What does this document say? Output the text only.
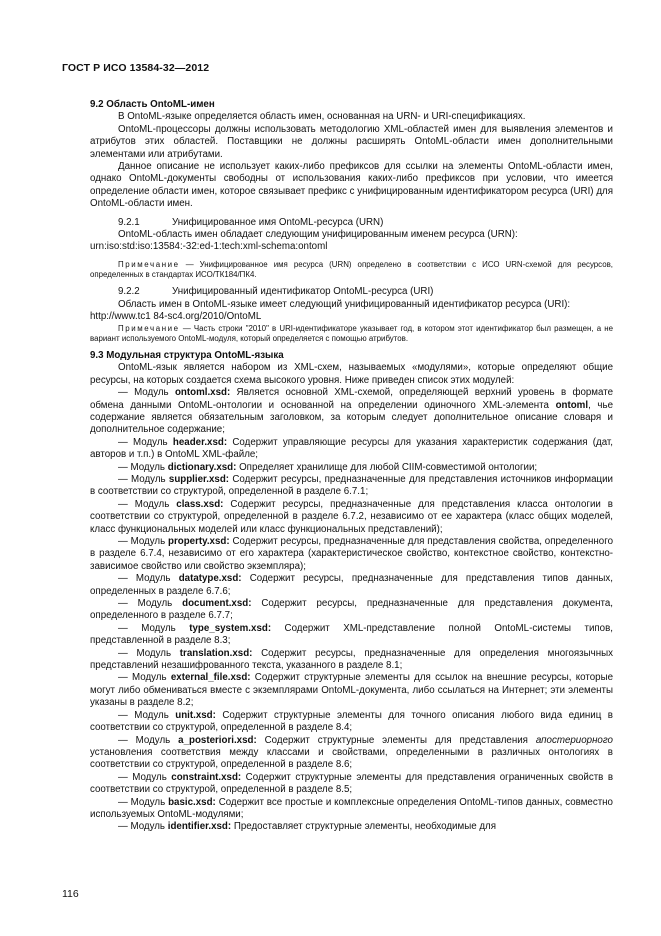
ГОСТ Р ИСО 13584-32—2012

9.2 Область OntoML-имен

В OntoML-языке определяется область имен, основанная на URN- и URI-спецификациях.

OntoML-процессоры должны использовать методологию XML-областей имен для выявления элементов и атрибутов этих областей. Поставщики не должны расширять OntoML-области имен дополнительными элементами или атрибутами.

Данное описание не использует каких-либо префиксов для ссылки на элементы OntoML-области имен, однако OntoML-документы свободны от использования каких-либо префиксов при условии, что имеется определение области имен, которое связывает префикс с унифицированным идентификатором ресурса (URI) для OntoML-области имен.

9.2.1	Унифицированное имя OntoML-ресурса (URN)

OntoML-область имен обладает следующим унифицированным именем ресурса (URN):

urn:iso:std:iso:13584:-32:ed-1:tech:xml-schema:ontoml

Примечание — Унифицированное имя ресурса (URN) определено в соответствии с ИСО URN-схемой для ресурсов, определенных в стандартах ИСО/ТК184/ПК4.

9.2.2	Унифицированный идентификатор OntoML-ресурса (URI)

Область имен в OntoML-языке имеет следующий унифицированный идентификатор ресурса (URI):

http://www.tc1 84-sc4.org/2010/OntoML

Примечание — Часть строки "2010" в URI-идентификаторе указывает год, в котором этот идентификатор был размещен, а не вариант используемого OntoML-модуля, который определяется с помощью атрибутов.

9.3 Модульная структура OntoML-языка

OntoML-язык является набором из XML-схем, называемых «модулями», которые определяют общие ресурсы, на которых создается схема высокого уровня. Ниже приведен список этих модулей:

— Модуль ontoml.xsd: Является основной XML-схемой, определяющей верхний уровень в формате обмена данными OntoML-онтологии и основанной на определении одиночного XML-элемента ontoml, чье содержание является обязательным заголовком, за которым следует дополнительное описание словаря и дополнительное содержание;

— Модуль header.xsd: Содержит управляющие ресурсы для указания характеристик содержания (дат, авторов и т.п.) в OntoML XML-файле;

— Модуль dictionary.xsd: Определяет хранилище для любой CIIM-совместимой онтологии;

— Модуль supplier.xsd: Содержит ресурсы, предназначенные для представления источников информации в соответствии со структурой, определенной в разделе 6.7.1;

— Модуль class.xsd: Содержит ресурсы, предназначенные для представления класса онтологии в соответствии со структурой, определенной в разделе 6.7.2, независимо от ее характера (класс общих моделей, класс функциональных моделей или класс функциональных представлений);

— Модуль property.xsd: Содержит ресурсы, предназначенные для представления свойства, определенного в разделе 6.7.4, независимо от его характера (характеристическое свойство, контекстное свойство, контекстно-зависимое свойство или свойство экземпляра);

— Модуль datatype.xsd: Содержит ресурсы, предназначенные для представления типов данных, определенных в разделе 6.7.6;

— Модуль document.xsd: Содержит ресурсы, предназначенные для представления документа, определенного в разделе 6.7.7;

— Модуль type_system.xsd: Содержит XML-представление полной OntoML-системы типов, представленной в разделе 8.3;

— Модуль translation.xsd: Содержит ресурсы, предназначенные для определения многоязычных представлений незашифрованного текста, указанного в разделе 8.1;

— Модуль external_file.xsd: Содержит структурные элементы для ссылок на внешние ресурсы, которые могут либо обмениваться вместе с экземплярами OntoML-документа, либо ссылаться на Интернет; эти элементы указаны в разделе 8.2;

— Модуль unit.xsd: Содержит структурные элементы для точного описания любого вида единиц в соответствии со структурой, определенной в разделе 8.4;

— Модуль a_posteriori.xsd: Содержит структурные элементы для представления апостериорного установления соответствия между классами и свойствами, определенными в различных онтологиях в соответствии со структурой, определенной в разделе 8.6;

— Модуль constraint.xsd: Содержит структурные элементы для представления ограниченных свойств в соответствии со структурой, определенной в разделе 8.5;

— Модуль basic.xsd: Содержит все простые и комплексные определения OntoML-типов данных, совместно используемых OntoML-модулями;

— Модуль identifier.xsd: Предоставляет структурные элементы, необходимые для

116
